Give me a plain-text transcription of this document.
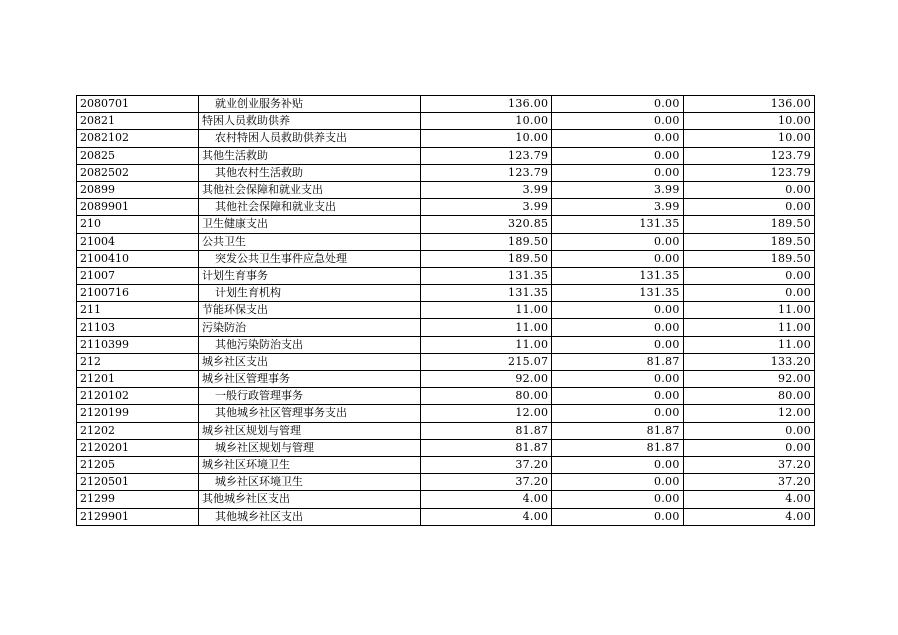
2080701	就业创业服务补贴	136.00	0.00	136.00
20821	特困人员救助供养	10.00	0.00	10.00
2082102	农村特困人员救助供养支出	10.00	0.00	10.00
20825	其他生活救助	123.79	0.00	123.79
2082502	其他农村生活救助	123.79	0.00	123.79
20899	其他社会保障和就业支出	3.99	3.99	0.00
2089901	其他社会保障和就业支出	3.99	3.99	0.00
210	卫生健康支出	320.85	131.35	189.50
21004	公共卫生	189.50	0.00	189.50
2100410	突发公共卫生事件应急处理	189.50	0.00	189.50
21007	计划生育事务	131.35	131.35	0.00
2100716	计划生育机构	131.35	131.35	0.00
211	节能环保支出	11.00	0.00	11.00
21103	污染防治	11.00	0.00	11.00
2110399	其他污染防治支出	11.00	0.00	11.00
212	城乡社区支出	215.07	81.87	133.20
21201	城乡社区管理事务	92.00	0.00	92.00
2120102	一般行政管理事务	80.00	0.00	80.00
2120199	其他城乡社区管理事务支出	12.00	0.00	12.00
21202	城乡社区规划与管理	81.87	81.87	0.00
2120201	城乡社区规划与管理	81.87	81.87	0.00
21205	城乡社区环境卫生	37.20	0.00	37.20
2120501	城乡社区环境卫生	37.20	0.00	37.20
21299	其他城乡社区支出	4.00	0.00	4.00
2129901	其他城乡社区支出	4.00	0.00	4.00
